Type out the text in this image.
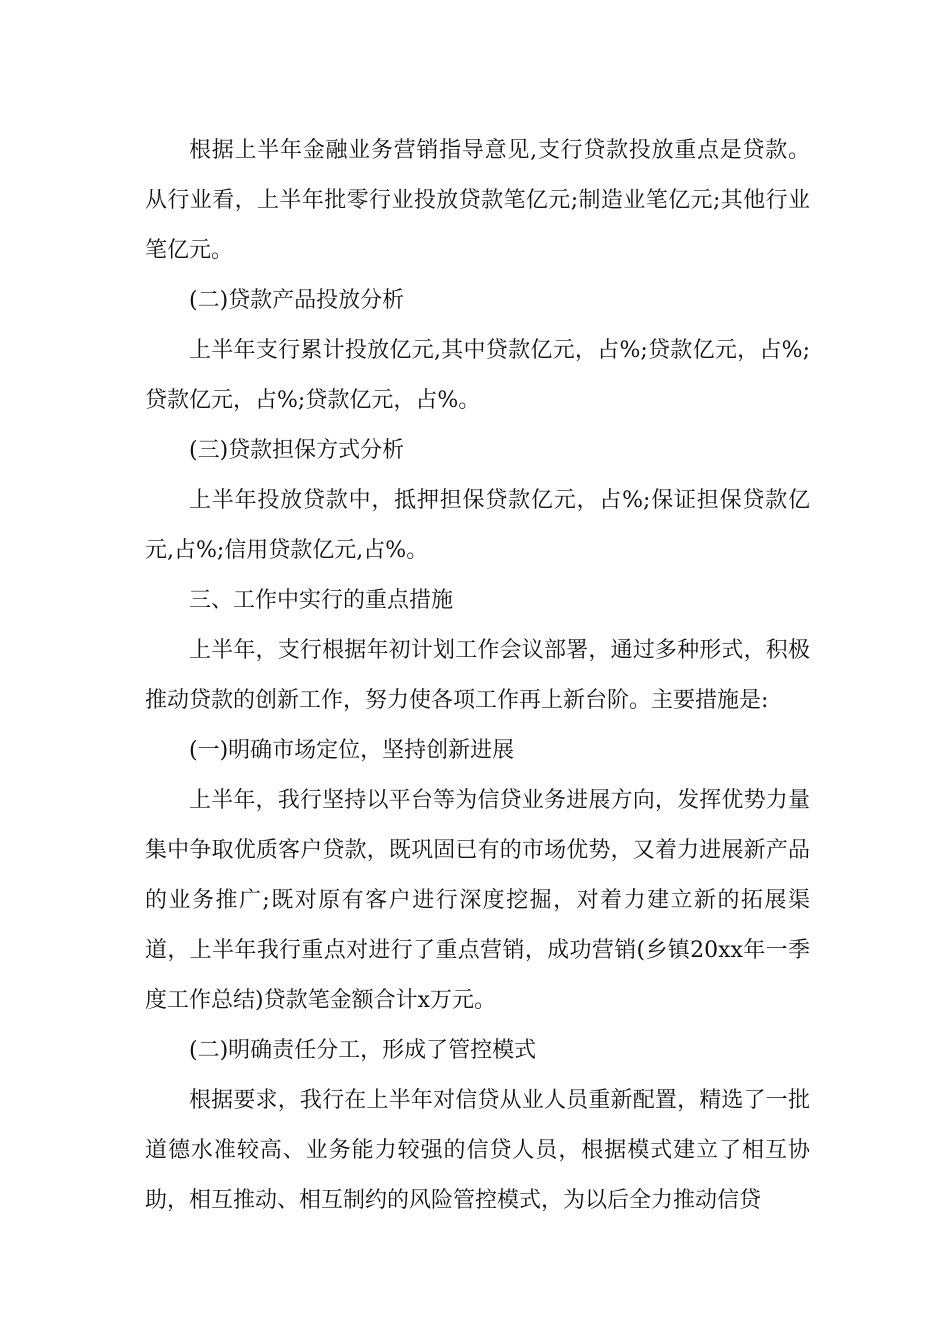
根据上半年金融业务营销指导意见,支行贷款投放重点是贷款。从行业看，上半年批零行业投放贷款笔亿元;制造业笔亿元;其他行业笔亿元。

(二)贷款产品投放分析

上半年支行累计投放亿元,其中贷款亿元，占%;贷款亿元，占%;贷款亿元，占%;贷款亿元，占%。

(三)贷款担保方式分析

上半年投放贷款中，抵押担保贷款亿元，占%;保证担保贷款亿元,占%;信用贷款亿元,占%。

三、工作中实行的重点措施

上半年，支行根据年初计划工作会议部署，通过多种形式，积极推动贷款的创新工作，努力使各项工作再上新台阶。主要措施是:

(一)明确市场定位，坚持创新进展

上半年，我行坚持以平台等为信贷业务进展方向，发挥优势力量集中争取优质客户贷款，既巩固已有的市场优势，又着力进展新产品的业务推广;既对原有客户进行深度挖掘，对着力建立新的拓展渠道，上半年我行重点对进行了重点营销，成功营销(乡镇20xx年一季度工作总结)贷款笔金额合计x万元。

(二)明确责任分工，形成了管控模式

根据要求，我行在上半年对信贷从业人员重新配置，精选了一批道德水准较高、业务能力较强的信贷人员，根据模式建立了相互协助，相互推动、相互制约的风险管控模式，为以后全力推动信贷
